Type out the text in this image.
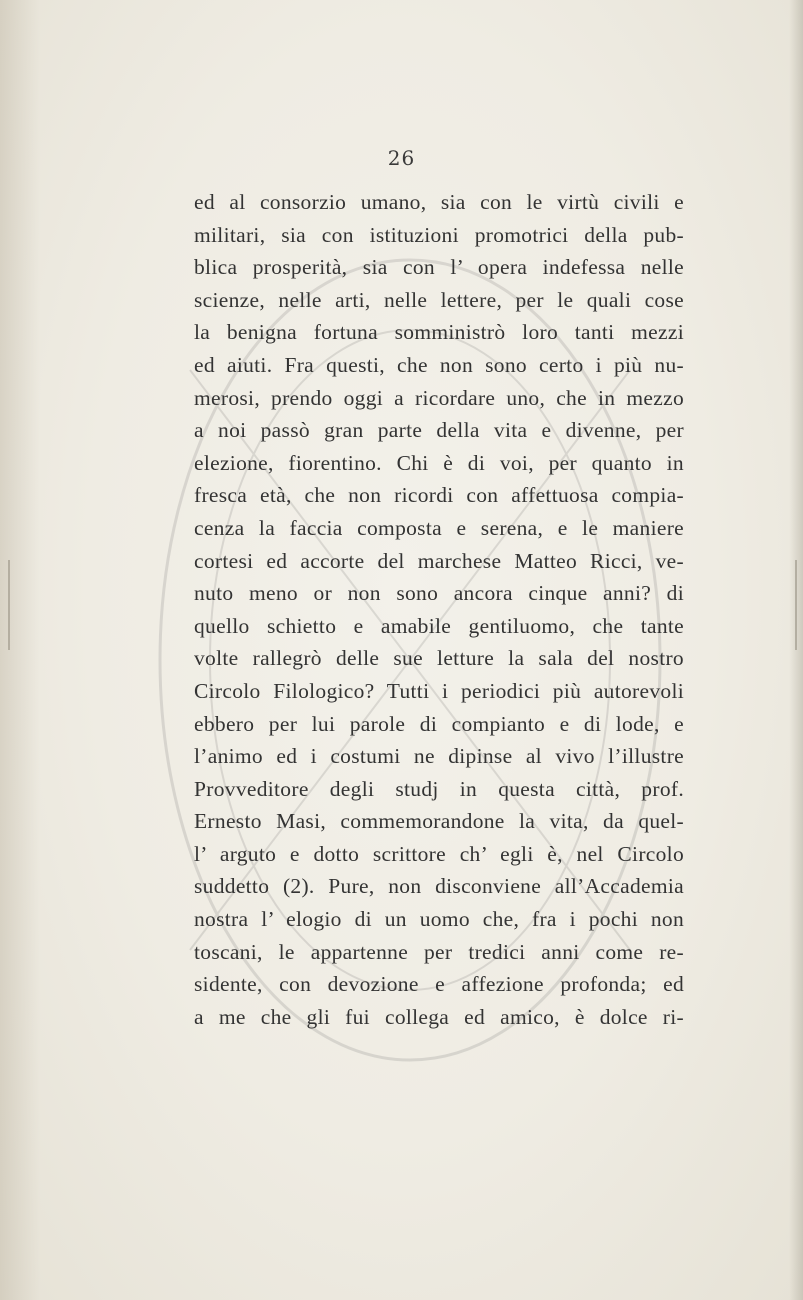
26
ed al consorzio umano, sia con le virtù civili e
militari, sia con istituzioni promotrici della pub-
blica prosperità, sia con l’ opera indefessa nelle
scienze, nelle arti, nelle lettere, per le quali cose
la benigna fortuna somministrò loro tanti mezzi
ed aiuti. Fra questi, che non sono certo i più nu-
merosi, prendo oggi a ricordare uno, che in mezzo
a noi passò gran parte della vita e divenne, per
elezione, fiorentino. Chi è di voi, per quanto in
fresca età, che non ricordi con affettuosa compia-
cenza la faccia composta e serena, e le maniere
cortesi ed accorte del marchese Matteo Ricci, ve-
nuto meno or non sono ancora cinque anni? di
quello schietto e amabile gentiluomo, che tante
volte rallegrò delle sue letture la sala del nostro
Circolo Filologico? Tutti i periodici più autorevoli
ebbero per lui parole di compianto e di lode, e
l’animo ed i costumi ne dipinse al vivo l’illustre
Provveditore degli studj in questa città, prof.
Ernesto Masi, commemorandone la vita, da quel-
l’ arguto e dotto scrittore ch’ egli è, nel Circolo
suddetto (2). Pure, non disconviene all’Accademia
nostra l’ elogio di un uomo che, fra i pochi non
toscani, le appartenne per tredici anni come re-
sidente, con devozione e affezione profonda; ed
a me che gli fui collega ed amico, è dolce ri-
